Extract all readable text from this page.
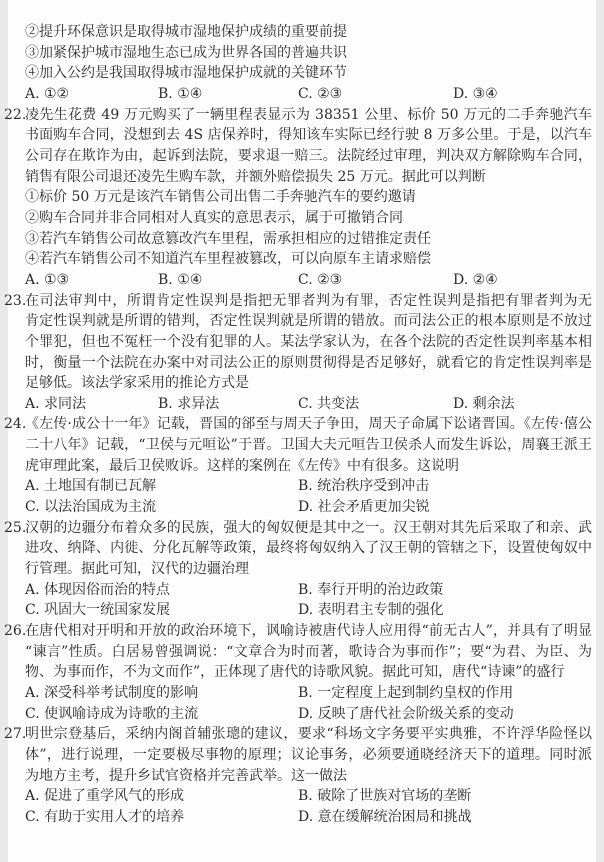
②提升环保意识是取得城市湿地保护成绩的重要前提
③加紧保护城市湿地生态已成为世界各国的普遍共识
④加入公约是我国取得城市湿地保护成就的关键环节
A. ①②	B. ①④	C. ②③	D. ③④
22.
凌先生花费 49 万元购买了一辆里程表显示为 38351 公里、标价 50 万元的二手奔驰汽车
书面购车合同，没想到去 4S 店保养时，得知该车实际已经行驶 8 万多公里。于是，以汽车
公司存在欺诈为由，起诉到法院，要求退一赔三。法院经过审理，判决双方解除购车合同，
销售有限公司退还凌先生购车款，并额外赔偿损失 25 万元。据此可以判断
①标价 50 万元是该汽车销售公司出售二手奔驰汽车的要约邀请
②购车合同并非合同相对人真实的意思表示，属于可撤销合同
③若汽车销售公司故意篡改汽车里程，需承担相应的过错推定责任
④若汽车销售公司不知道汽车里程被篡改，可以向原车主请求赔偿
A. ①③	B. ①④	C. ②③	D. ②④
23.
在司法审判中，所谓肯定性误判是指把无罪者判为有罪，否定性误判是指把有罪者判为无
肯定性误判就是所谓的错判，否定性误判就是所谓的错放。而司法公正的根本原则是不放过
个罪犯，但也不冤枉一个没有犯罪的人。某法学家认为，在各个法院的否定性误判率基本相
时，衡量一个法院在办案中对司法公正的原则贯彻得是否足够好，就看它的肯定性误判率是
足够低。该法学家采用的推论方式是
A. 求同法	B. 求异法	C. 共变法	D. 剩余法
24.
《左传·成公十一年》记载，晋国的郤至与周天子争田，周天子命属下讼诸晋国。《左传·僖公
二十八年》记载，“卫侯与元咺讼”于晋。卫国大夫元咺告卫侯杀人而发生诉讼，周襄王派王
虎审理此案，最后卫侯败诉。这样的案例在《左传》中有很多。这说明
A. 土地国有制已瓦解	B. 统治秩序受到冲击
C. 以法治国成为主流	D. 社会矛盾更加尖锐
25.
汉朝的边疆分布着众多的民族，强大的匈奴便是其中之一。汉王朝对其先后采取了和亲、武
进攻、纳降、内徙、分化瓦解等政策，最终将匈奴纳入了汉王朝的管辖之下，设置使匈奴中
行管理。据此可知，汉代的边疆治理
A. 体现因俗而治的特点	B. 奉行开明的治边政策
C. 巩固大一统国家发展	D. 表明君主专制的强化
26.
在唐代相对开明和开放的政治环境下，讽喻诗被唐代诗人应用得“前无古人”，并具有了明显
“谏言”性质。白居易曾强调说：“文章合为时而著，歌诗合为事而作”；要“为君、为臣、为
物、为事而作，不为文而作”，正体现了唐代的诗歌风貌。据此可知，唐代“诗谏”的盛行
A. 深受科举考试制度的影响	B. 一定程度上起到制约皇权的作用
C. 使讽喻诗成为诗歌的主流	D. 反映了唐代社会阶级关系的变动
27.
明世宗登基后，采纳内阁首辅张璁的建议，要求“科场文字务要平实典雅，不许浮华险怪以
体”，进行说理，一定要极尽事物的原理；议论事务，必须要通晓经济天下的道理。同时派
为地方主考，提升乡试官资格并完善武举。这一做法
A. 促进了重学风气的形成	B. 破除了世族对官场的垄断
C. 有助于实用人才的培养	D. 意在缓解统治困局和挑战
